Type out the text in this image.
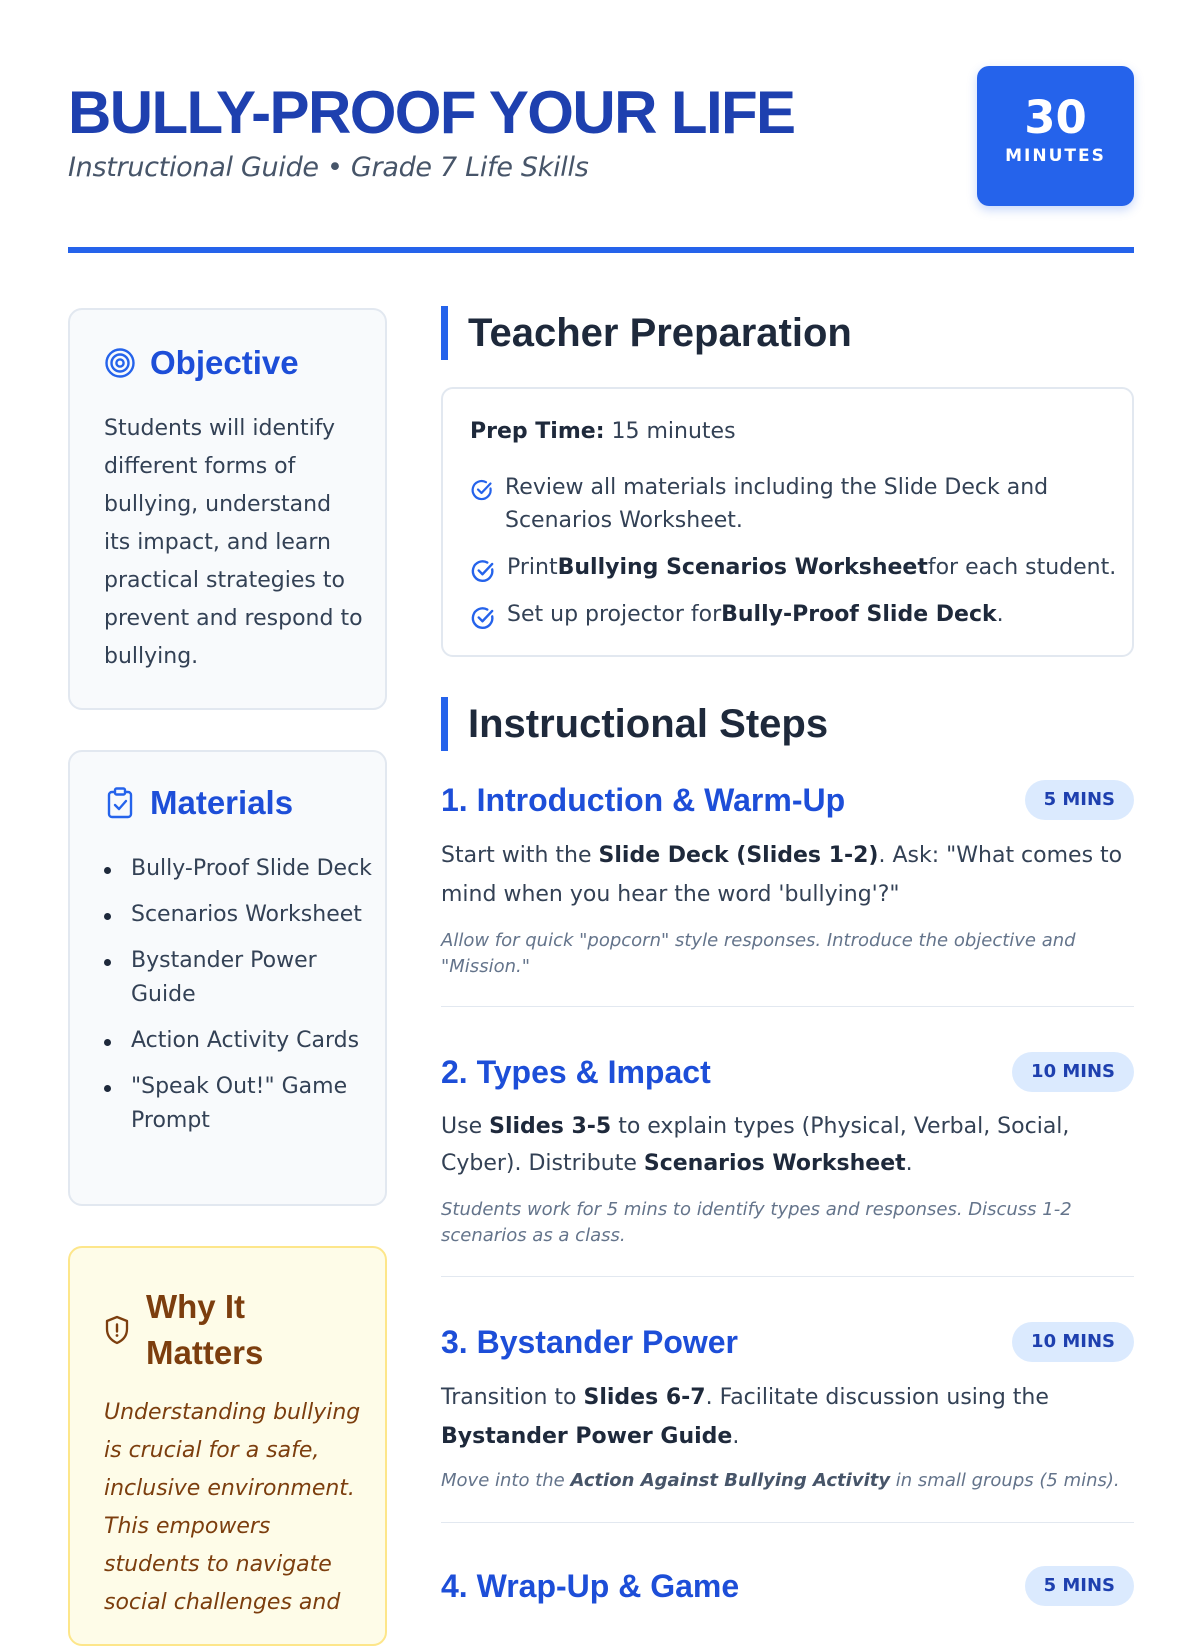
BULLY-PROOF YOUR LIFE
Instructional Guide • Grade 7 Life Skills
30
MINUTES
Objective

Students will identify different forms of bullying, understand its impact, and learn practical strategies to prevent and respond to bullying.

Materials
Bully-Proof Slide Deck
Scenarios Worksheet
Bystander Power Guide
Action Activity Cards
"Speak Out!" Game Prompt
Why It Matters

Understanding bullying is crucial for a safe, inclusive environment. This empowers students to navigate social challenges and

Teacher Preparation
Prep Time: 15 minutes
Review all materials including the Slide Deck and Scenarios Worksheet.
PrintBullying Scenarios Worksheetfor each student.
Set up projector forBully-Proof Slide Deck.
Instructional Steps
1. Introduction & Warm-Up	5 MINS

Start with the Slide Deck (Slides 1-2). Ask: "What comes to mind when you hear the word 'bullying'?"

Allow for quick "popcorn" style responses. Introduce the objective and "Mission."

2. Types & Impact	10 MINS

Use Slides 3-5 to explain types (Physical, Verbal, Social, Cyber). Distribute Scenarios Worksheet.

Students work for 5 mins to identify types and responses. Discuss 1-2 scenarios as a class.

3. Bystander Power	10 MINS

Transition to Slides 6-7. Facilitate discussion using the Bystander Power Guide.

Move into the Action Against Bullying Activity in small groups (5 mins).

4. Wrap-Up & Game	5 MINS
